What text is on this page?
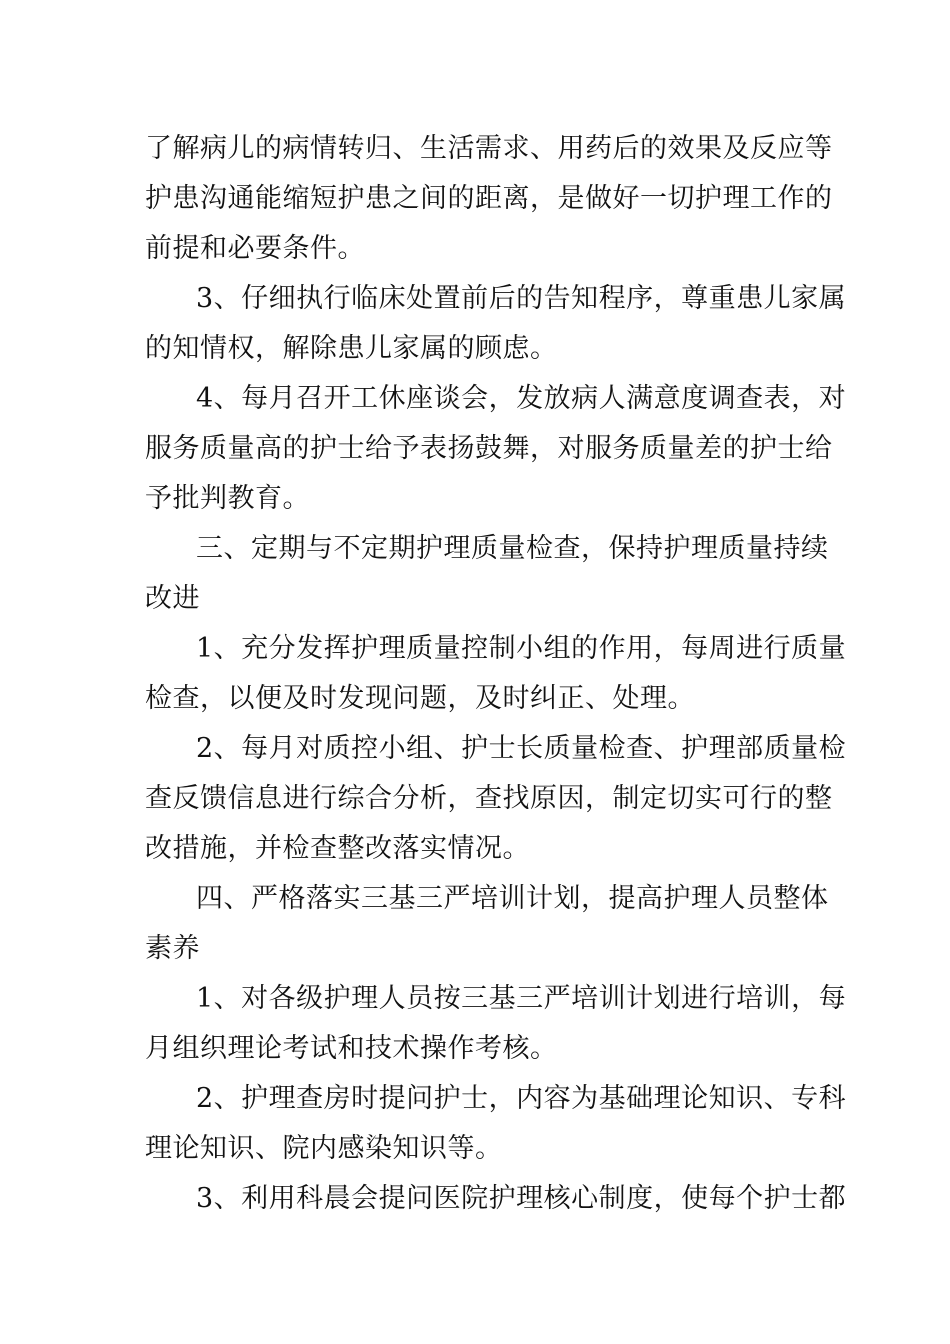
了解病儿的病情转归、生活需求、用药后的效果及反应等
护患沟通能缩短护患之间的距离，是做好一切护理工作的
前提和必要条件。
3、仔细执行临床处置前后的告知程序，尊重患儿家属
的知情权，解除患儿家属的顾虑。
4、每月召开工休座谈会，发放病人满意度调查表，对
服务质量高的护士给予表扬鼓舞，对服务质量差的护士给
予批判教育。
三、定期与不定期护理质量检查，保持护理质量持续
改进
1、充分发挥护理质量控制小组的作用，每周进行质量
检查，以便及时发现问题，及时纠正、处理。
2、每月对质控小组、护士长质量检查、护理部质量检
查反馈信息进行综合分析，查找原因，制定切实可行的整
改措施，并检查整改落实情况。
四、严格落实三基三严培训计划，提高护理人员整体
素养
1、对各级护理人员按三基三严培训计划进行培训，每
月组织理论考试和技术操作考核。
2、护理查房时提问护士，内容为基础理论知识、专科
理论知识、院内感染知识等。
3、利用科晨会提问医院护理核心制度，使每个护士都
